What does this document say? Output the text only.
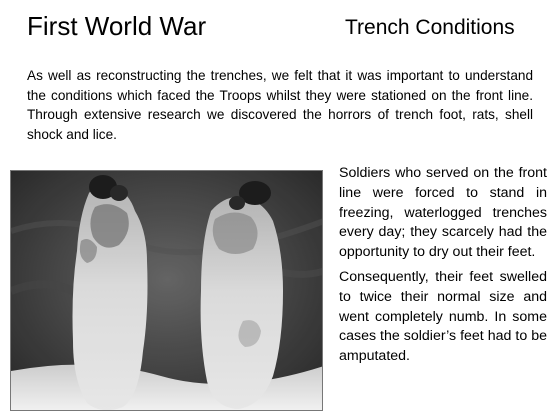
First World War	Trench Conditions

As well as reconstructing the trenches, we felt that it was important to understand the conditions which faced the Troops whilst they were stationed on the front line. Through extensive research we discovered the horrors of trench foot, rats, shell shock and lice.

Soldiers who served on the front line were forced to stand in freezing, waterlogged trenches every day; they scarcely had the opportunity to dry out their feet.

Consequently, their feet swelled to twice their normal size and went completely numb. In some cases the soldier’s feet had to be amputated.
